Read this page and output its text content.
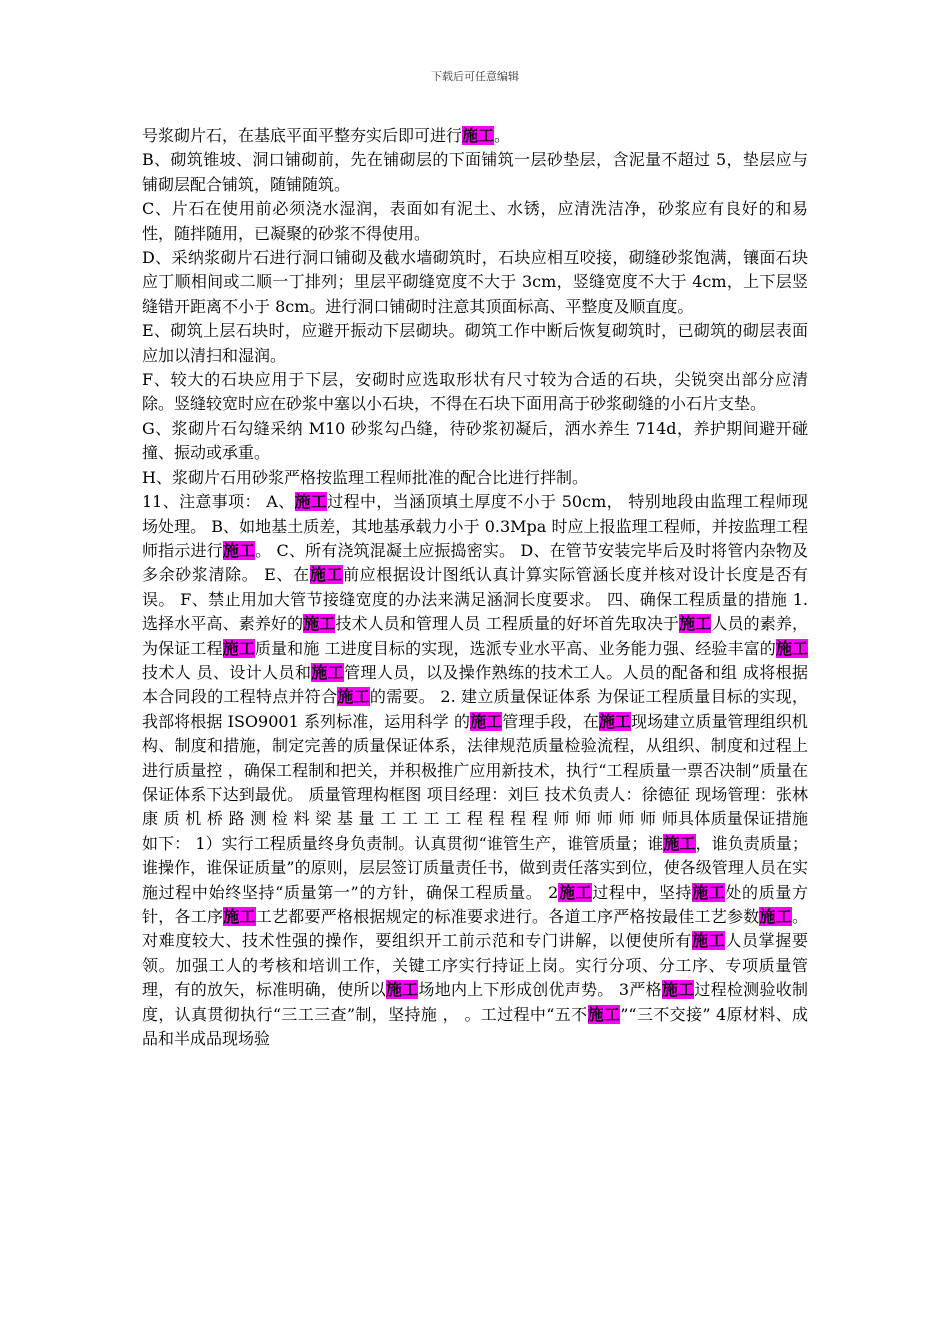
下载后可任意编辑

号浆砌片石，在基底平面平整夯实后即可进行施工。

B、砌筑锥坡、洞口铺砌前，先在铺砌层的下面铺筑一层砂垫层，含泥量不超过 5，垫层应与铺砌层配合铺筑，随铺随筑。

C、片石在使用前必须浇水湿润，表面如有泥土、水锈，应清洗洁净，砂浆应有良好的和易性，随拌随用，已凝聚的砂浆不得使用。

D、采纳浆砌片石进行洞口铺砌及截水墙砌筑时，石块应相互咬接，砌缝砂浆饱满，镶面石块应丁顺相间或二顺一丁排列；里层平砌缝宽度不大于 3cm，竖缝宽度不大于 4cm，上下层竖缝错开距离不小于 8cm。进行洞口铺砌时注意其顶面标高、平整度及顺直度。

E、砌筑上层石块时，应避开振动下层砌块。砌筑工作中断后恢复砌筑时，已砌筑的砌层表面应加以清扫和湿润。

F、较大的石块应用于下层，安砌时应选取形状有尺寸较为合适的石块，尖锐突出部分应清除。竖缝较宽时应在砂浆中塞以小石块，不得在石块下面用高于砂浆砌缝的小石片支垫。

G、浆砌片石勾缝采纳 M10 砂浆勾凸缝，待砂浆初凝后，洒水养生 714d，养护期间避开碰撞、振动或承重。

H、浆砌片石用砂浆严格按监理工程师批准的配合比进行拌制。

11、注意事项： A、施工过程中，当涵顶填土厚度不小于 50cm， 特别地段由监理工程师现场处理。 B、如地基土质差，其地基承载力小于 0.3Mpa 时应上报监理工程师，并按监理工程师指示进行施工。 C、所有浇筑混凝土应振捣密实。 D、在管节安装完毕后及时将管内杂物及多余砂浆清除。 E、在施工前应根据设计图纸认真计算实际管涵长度并核对设计长度是否有误。 F、禁止用加大管节接缝宽度的办法来满足涵洞长度要求。 四、确保工程质量的措施 1. 选择水平高、素养好的施工技术人员和管理人员 工程质量的好坏首先取决于施工人员的素养，为保证工程施工质量和施 工进度目标的实现，选派专业水平高、业务能力强、经验丰富的施工技术人 员、设计人员和施工管理人员，以及操作熟练的技术工人。人员的配备和组 成将根据本合同段的工程特点并符合施工的需要。 2. 建立质量保证体系 为保证工程质量目标的实现，我部将根据 ISO9001 系列标准，运用科学 的施工管理手段，在施工现场建立质量管理组织机构、制度和措施，制定完善的质量保证体系，法律规范质量检验流程，从组织、制度和过程上进行质量控 ，确保工程制和把关，并积极推广应用新技术，执行“工程质量一票否决制”质量在保证体系下达到最优。 质量管理构框图 项目经理：刘巨 技术负责人：徐德征 现场管理：张林康 质 机 桥 路 测 检 料 梁 基 量 工 工 工 工 程 程 程 程 师 师 师 师 师 师具体质量保证措施如下： 1）实行工程质量终身负责制。认真贯彻“谁管生产，谁管质量；谁施工，谁负责质量；谁操作，谁保证质量”的原则，层层签订质量责任书，做到责任落实到位，使各级管理人员在实施过程中始终坚持“质量第一”的方针，确保工程质量。 2施工过程中，坚持施工处的质量方针，各工序施工工艺都要严格根据规定的标准要求进行。各道工序严格按最佳工艺参数施工。对难度较大、技术性强的操作，要组织开工前示范和专门讲解，以便使所有施工人员掌握要领。加强工人的考核和培训工作，关键工序实行持证上岗。实行分项、分工序、专项质量管理，有的放矢，标准明确，使所以施工场地内上下形成创优声势。 3严格施工过程检测验收制度，认真贯彻执行“三工三查”制，坚持施 ， 。工过程中“五不施工”“三不交接” 4原材料、成品和半成品现场验
